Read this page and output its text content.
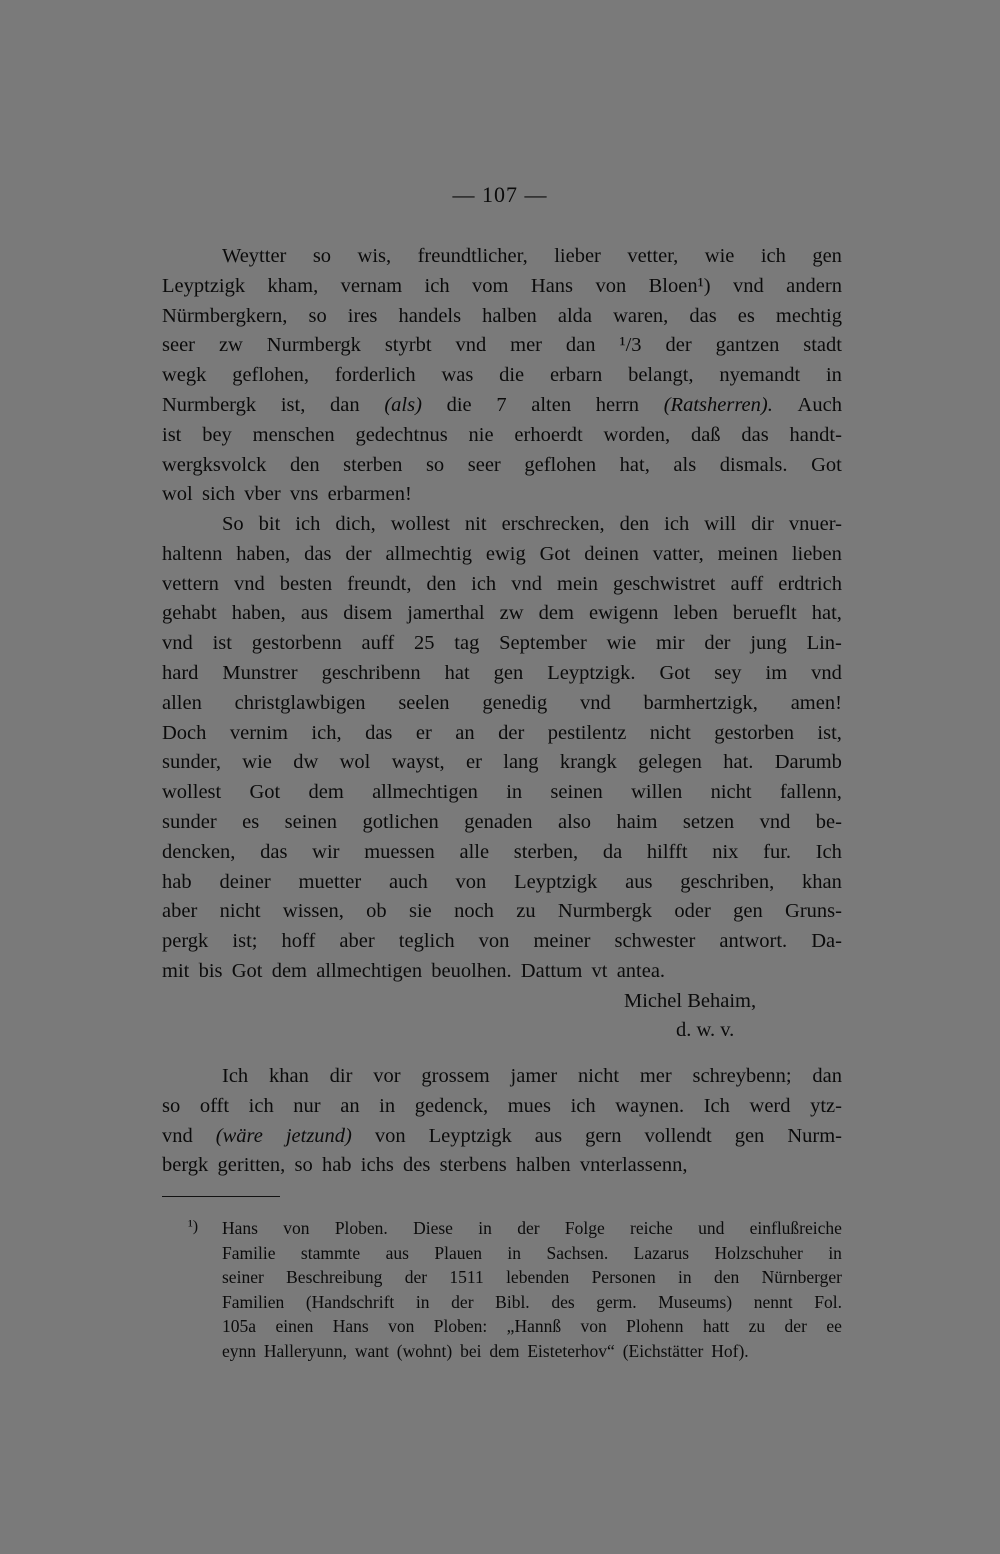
— 107 —
Weytter so wis, freundtlicher, lieber vetter, wie ich gen
Leyptzigk kham, vernam ich vom Hans von Bloen¹) vnd andern
Nürmbergkern, so ires handels halben alda waren, das es mechtig
seer zw Nurmbergk styrbt vnd mer dan ¹/3 der gantzen stadt
wegk geflohen, forderlich was die erbarn belangt, nyemandt in
Nurmbergk ist, dan (als) die 7 alten herrn (Ratsherren). Auch
ist bey menschen gedechtnus nie erhoerdt worden, daß das handt-
wergksvolck den sterben so seer geflohen hat, als dismals. Got
wol sich vber vns erbarmen!
So bit ich dich, wollest nit erschrecken, den ich will dir vnuer-
haltenn haben, das der allmechtig ewig Got deinen vatter, meinen lieben
vettern vnd besten freundt, den ich vnd mein geschwistret auff erdtrich
gehabt haben, aus disem jamerthal zw dem ewigenn leben berueflt hat,
vnd ist gestorbenn auff 25 tag September wie mir der jung Lin-
hard Munstrer geschribenn hat gen Leyptzigk. Got sey im vnd
allen christglawbigen seelen genedig vnd barmhertzigk, amen!
Doch vernim ich, das er an der pestilentz nicht gestorben ist,
sunder, wie dw wol wayst, er lang krangk gelegen hat. Darumb
wollest Got dem allmechtigen in seinen willen nicht fallenn,
sunder es seinen gotlichen genaden also haim setzen vnd be-
dencken, das wir muessen alle sterben, da hilfft nix fur. Ich
hab deiner muetter auch von Leyptzigk aus geschriben, khan
aber nicht wissen, ob sie noch zu Nurmbergk oder gen Gruns-
pergk ist; hoff aber teglich von meiner schwester antwort. Da-
mit bis Got dem allmechtigen beuolhen. Dattum vt antea.
Michel Behaim,
d. w. v.
Ich khan dir vor grossem jamer nicht mer schreybenn; dan
so offt ich nur an in gedenck, mues ich waynen. Ich werd ytz-
vnd (wäre jetzund) von Leyptzigk aus gern vollendt gen Nurm-
bergk geritten, so hab ichs des sterbens halben vnterlassenn,
¹) Hans von Ploben. Diese in der Folge reiche und einflußreiche
Familie stammte aus Plauen in Sachsen. Lazarus Holzschuher in
seiner Beschreibung der 1511 lebenden Personen in den Nürnberger
Familien (Handschrift in der Bibl. des germ. Museums) nennt Fol.
105a einen Hans von Ploben: „Hannß von Plohenn hatt zu der ee
eynn Halleryunn, want (wohnt) bei dem Eisteterhov“ (Eichstätter Hof).
